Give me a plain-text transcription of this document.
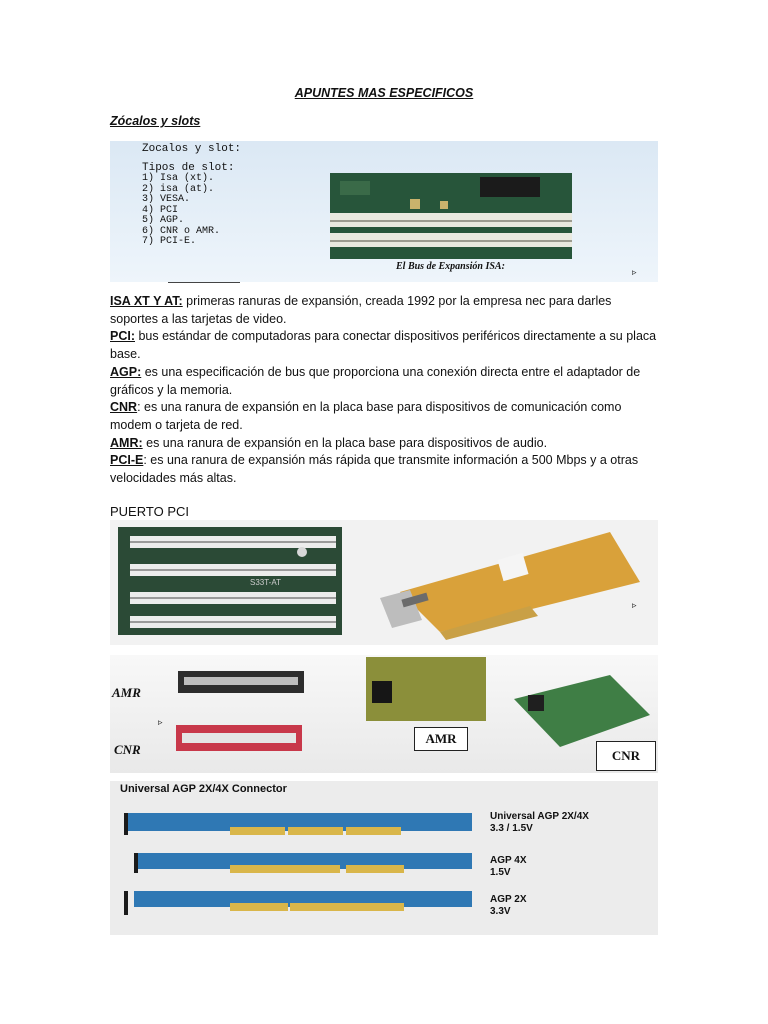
APUNTES MAS ESPECIFICOS
Zócalos y slots
Zocalos y slot:
Tipos de slot:
1) Isa (xt).
2) isa (at).
3) VESA.
4) PCI
5) AGP.
6) CNR o AMR.
7) PCI-E.
El Bus de Expansión ISA:	▹

ISA XT Y AT: primeras ranuras de expansión, creada 1992 por la empresa nec para darles soportes a las tarjetas de video.

PCI: bus estándar de computadoras para conectar dispositivos periféricos directamente a su placa base.

AGP: es una especificación de bus que proporciona una conexión directa entre el adaptador de gráficos y la memoria.

CNR: es una ranura de expansión en la placa base para dispositivos de comunicación como modem o tarjeta de red.

AMR: es una ranura de expansión en la placa base para dispositivos de audio.

PCI-E: es una ranura de expansión más rápida que transmite información a 500 Mbps y a otras velocidades más altas.

PUERTO PCI
S33T-AT
▹
AMR
CNR
AMR
CNR
▹
Universal AGP 2X/4X Connector
Universal AGP 2X/4X
3.3 / 1.5V
AGP 4X
1.5V
AGP 2X
3.3V
